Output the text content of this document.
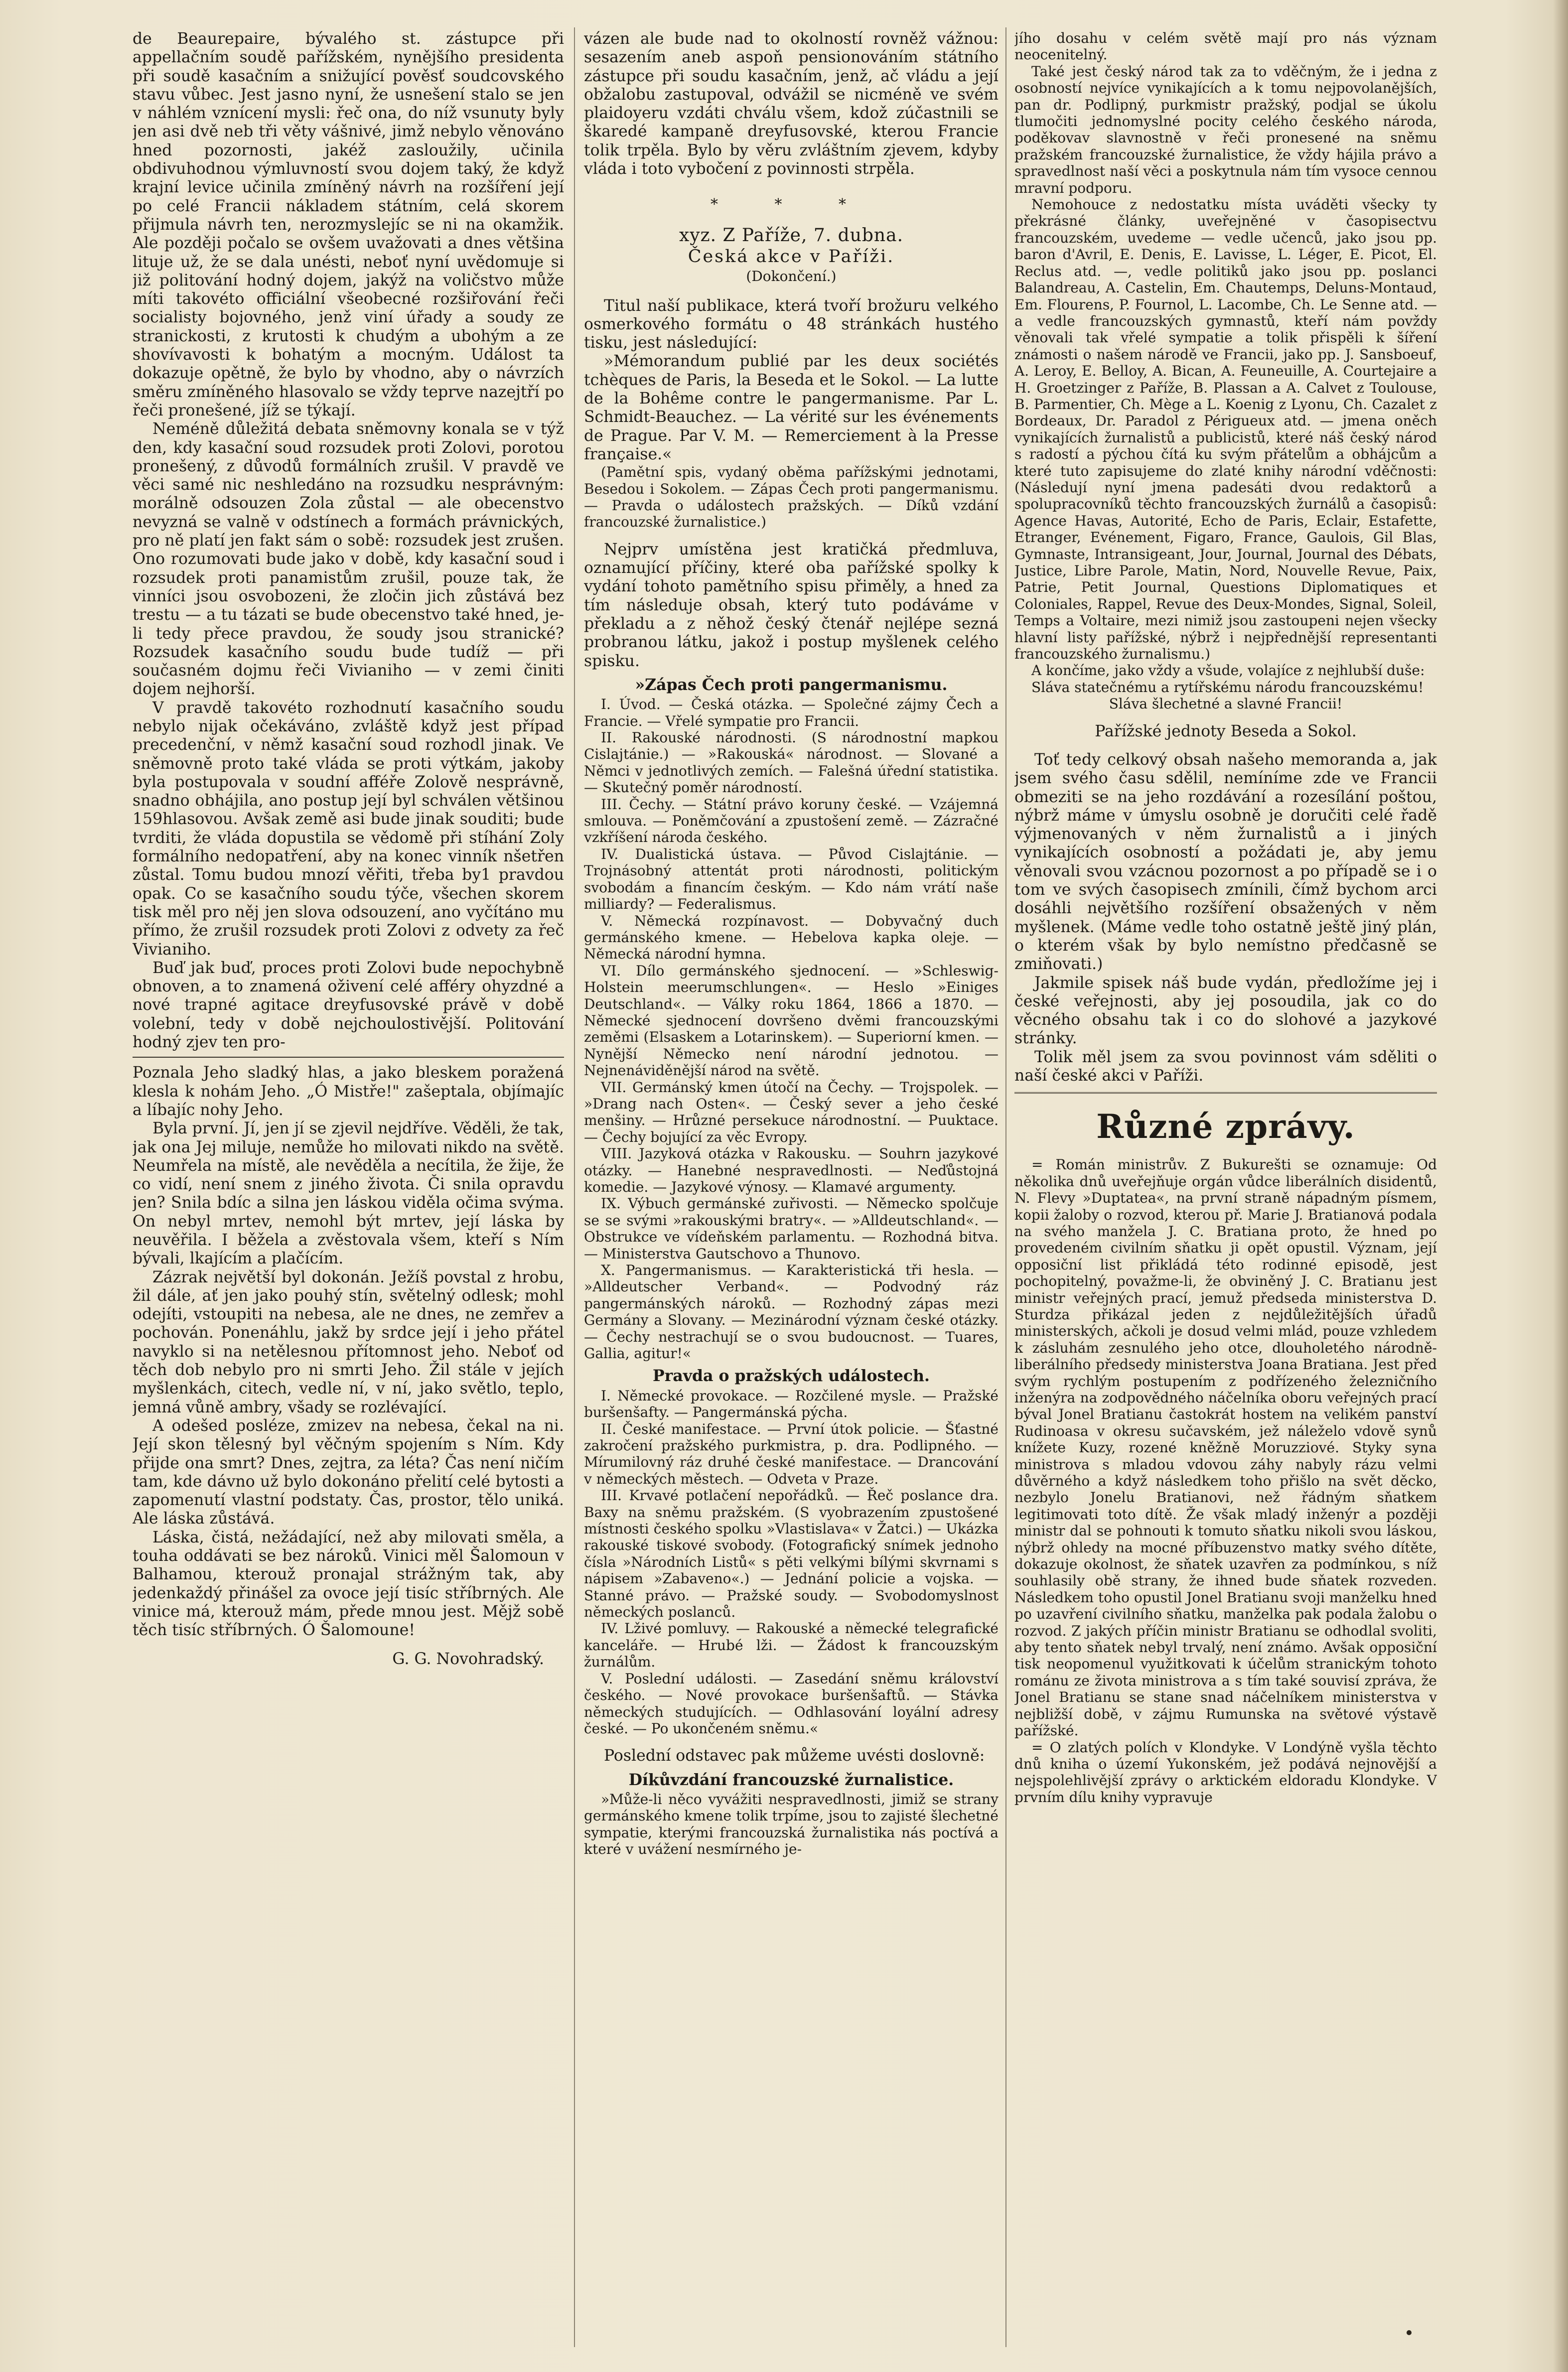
de Beaurepaire, bývalého st. zástupce při appellačním soudě pařížském, nynějšího presidenta při soudě kasačním a snižující pověsť soudcovského stavu vůbec. Jest jasno nyní, že usnešení stalo se jen v náhlém vznícení mysli: řeč ona, do níž vsunuty byly jen asi dvě neb tři věty vášnivé, jimž nebylo věnováno hned pozornosti, jakéž zasloužily, učinila obdivuhodnou výmluvností svou dojem taký, že když krajní levice učinila zmíněný návrh na rozšíření její po celé Francii nákladem státním, celá skorem přijmula návrh ten, nerozmyslejíc se ni na okamžik. Ale později počalo se ovšem uvažovati a dnes většina lituje už, že se dala unésti, neboť nyní uvědomuje si již politování hodný dojem, jakýž na voličstvo může míti takovéto officiální všeobecné rozšiřování řeči socialisty bojovného, jenž viní úřady a soudy ze stranickosti, z krutosti k chudým a ubohým a ze shovívavosti k bohatým a mocným. Událost ta dokazuje opětně, že bylo by vhodno, aby o návrzích směru zmíněného hlasovalo se vždy teprve nazejtří po řeči pronešené, jíž se týkají.

Neméně důležitá debata sněmovny konala se v týž den, kdy kasační soud rozsudek proti Zolovi, porotou pronešený, z důvodů formálních zrušil. V pravdě ve věci samé nic neshledáno na rozsudku nesprávným: morálně odsouzen Zola zůstal — ale obecenstvo nevyzná se valně v odstínech a formách právnických, pro ně platí jen fakt sám o sobě: rozsudek jest zrušen. Ono rozumovati bude jako v době, kdy kasační soud i rozsudek proti panamistům zrušil, pouze tak, že vinníci jsou osvobozeni, že zločin jich zůstává bez trestu — a tu tázati se bude obecenstvo také hned, je-li tedy přece pravdou, že soudy jsou stranické? Rozsudek kasačního soudu bude tudíž — při současném dojmu řeči Vivianiho — v zemi činiti dojem nejhorší.

V pravdě takovéto rozhodnutí kasačního soudu nebylo nijak očekáváno, zvláště když jest případ precedenční, v němž kasační soud rozhodl jinak. Ve sněmovně proto také vláda se proti výtkám, jakoby byla postupovala v soudní afféře Zolově nesprávně, snadno obhájila, ano postup její byl schválen většinou 159hlasovou. Avšak země asi bude jinak souditi; bude tvrditi, že vláda dopustila se vědomě při stíhání Zoly formálního nedopatření, aby na konec vinník nšetřen zůstal. Tomu budou mnozí věřiti, třeba by1 pravdou opak. Co se kasačního soudu týče, všechen skorem tisk měl pro něj jen slova odsouzení, ano vyčítáno mu přímo, že zrušil rozsudek proti Zolovi z odvety za řeč Vivianiho.

Buď jak buď, proces proti Zolovi bude nepochybně obnoven, a to znamená oživení celé afféry ohyzdné a nové trapné agitace dreyfusovské právě v době volební, tedy v době nejchoulostivější. Politování hodný zjev ten pro-

Poznala Jeho sladký hlas, a jako bleskem poražená klesla k nohám Jeho. „Ó Mistře!" zašeptala, objímajíc a líbajíc nohy Jeho.

Byla první. Jí, jen jí se zjevil nejdříve. Věděli, že tak, jak ona Jej miluje, nemůže ho milovati nikdo na světě. Neumřela na místě, ale nevěděla a necítila, že žije, že co vidí, není snem z jiného života. Či snila opravdu jen? Snila bdíc a silna jen láskou viděla očima svýma. On nebyl mrtev, nemohl být mrtev, její láska by neuvěřila. I běžela a zvěstovala všem, kteří s Ním bývali, lkajícím a plačícím.

Zázrak největší byl dokonán. Ježíš povstal z hrobu, žil dále, ať jen jako pouhý stín, světelný odlesk; mohl odejíti, vstoupiti na nebesa, ale ne dnes, ne zemřev a pochován. Ponenáhlu, jakž by srdce její i jeho přátel navyklo si na netělesnou přítomnost jeho. Neboť od těch dob nebylo pro ni smrti Jeho. Žil stále v jejích myšlenkách, citech, vedle ní, v ní, jako světlo, teplo, jemná vůně ambry, všady se rozlévající.

A odešed posléze, zmizev na nebesa, čekal na ni. Její skon tělesný byl věčným spojením s Ním. Kdy přijde ona smrt? Dnes, zejtra, za léta? Čas není ničím tam, kde dávno už bylo dokonáno přelití celé bytosti a zapomenutí vlastní podstaty. Čas, prostor, tělo uniká. Ale láska zůstává.

Láska, čistá, nežádající, než aby milovati směla, a touha oddávati se bez nároků. Vinici měl Šalomoun v Balhamou, kterouž pronajal strážným tak, aby jedenkaždý přinášel za ovoce její tisíc stříbrných. Ale vinice má, kterouž mám, přede mnou jest. Mějž sobě těch tisíc stříbrných. Ó Šalomoune!

G. G. Novohradský.

vázen ale bude nad to okolností rovněž vážnou: sesazením aneb aspoň pensionováním státního zástupce při soudu kasačním, jenž, ač vládu a její obžalobu zastupoval, odvážil se nicméně ve svém plaidoyeru vzdáti chválu všem, kdož zúčastnili se škaredé kampaně dreyfusovské, kterou Francie tolik trpěla. Bylo by věru zvláštním zjevem, kdyby vláda i toto vybočení z povinnosti strpěla.

* * *
xyz. Z Paříže, 7. dubna.
Česká akce v Paříži.
(Dokončení.)

Titul naší publikace, která tvoří brožuru velkého osmerkového formátu o 48 stránkách hustého tisku, jest následující:

»Mémorandum publié par les deux sociétés tchèques de Paris, la Beseda et le Sokol. — La lutte de la Bohême contre le pangermanisme. Par L. Schmidt-Beauchez. — La vérité sur les événements de Prague. Par V. M. — Remerciement à la Presse française.«

(Pamětní spis, vydaný oběma pařížskými jednotami, Besedou i Sokolem. — Zápas Čech proti pangermanismu. — Pravda o událostech pražských. — Díků vzdání francouzské žurnalistice.)

Nejprv umístěna jest kratičká předmluva, oznamující příčiny, které oba pařížské spolky k vydání tohoto pamětního spisu přiměly, a hned za tím následuje obsah, který tuto podáváme v překladu a z něhož český čtenář nejlépe sezná probranou látku, jakož i postup myšlenek celého spisku.

»Zápas Čech proti pangermanismu.

I. Úvod. — Česká otázka. — Společné zájmy Čech a Francie. — Vřelé sympatie pro Francii.

II. Rakouské národnosti. (S národnostní mapkou Cislajtánie.) — »Rakouská« národnost. — Slované a Němci v jednotlivých zemích. — Falešná úřední statistika. — Skutečný poměr národností.

III. Čechy. — Státní právo koruny české. — Vzájemná smlouva. — Poněmčování a zpustošení země. — Zázračné vzkříšení národa českého.

IV. Dualistická ústava. — Původ Cislajtánie. — Trojnásobný attentát proti národnosti, politickým svobodám a financím českým. — Kdo nám vrátí naše milliardy? — Federalismus.

V. Německá rozpínavost. — Dobyvačný duch germánského kmene. — Hebelova kapka oleje. — Německá národní hymna.

VI. Dílo germánského sjednocení. — »Schleswig-Holstein meerumschlungen«. — Heslo »Einiges Deutschland«. — Války roku 1864, 1866 a 1870. — Německé sjednocení dovršeno dvěmi francouzskými zeměmi (Elsaskem a Lotarinskem). — Superiorní kmen. — Nynější Německo není národní jednotou. — Nejnenáviděnější národ na světě.

VII. Germánský kmen útočí na Čechy. — Trojspolek. — »Drang nach Osten«. — Český sever a jeho české menšiny. — Hrůzné persekuce národnostní. — Puuktace. — Čechy bojující za věc Evropy.

VIII. Jazyková otázka v Rakousku. — Souhrn jazykové otázky. — Hanebné nespravedlnosti. — Neďůstojná komedie. — Jazykové výnosy. — Klamavé argumenty.

IX. Výbuch germánské zuřivosti. — Německo spolčuje se se svými »rakouskými bratry«. — »Alldeutschland«. — Obstrukce ve vídeňském parlamentu. — Rozhodná bitva. — Ministerstva Gautschovo a Thunovo.

X. Pangermanismus. — Karakteristická tři hesla. — »Alldeutscher Verband«. — Podvodný ráz pangermánských nároků. — Rozhodný zápas mezi Germány a Slovany. — Mezinárodní význam české otázky. — Čechy nestrachují se o svou budoucnost. — Tuares, Gallia, agitur!«

Pravda o pražských událostech.

I. Německé provokace. — Rozčilené mysle. — Pražské buršenšafty. — Pangermánská pýcha.

II. České manifestace. — První útok policie. — Šťastné zakročení pražského purkmistra, p. dra. Podlipného. — Mírumilovný ráz druhé české manifestace. — Drancování v německých městech. — Odveta v Praze.

III. Krvavé potlačení nepořádků. — Řeč poslance dra. Baxy na sněmu pražském. (S vyobrazením zpustošené místnosti českého spolku »Vlastislava« v Žatci.) — Ukázka rakouské tiskové svobody. (Fotografický snímek jednoho čísla »Národních Listů« s pěti velkými bílými skvrnami s nápisem »Zabaveno«.) — Jednání policie a vojska. — Stanné právo. — Pražské soudy. — Svobodomyslnost německých poslanců.

IV. Lživé pomluvy. — Rakouské a německé telegrafické kanceláře. — Hrubé lži. — Žádost k francouzským žurnálům.

V. Poslední události. — Zasedání sněmu království českého. — Nové provokace buršenšaftů. — Stávka německých studujících. — Odhlasování loyální adresy české. — Po ukončeném sněmu.«

Poslední odstavec pak můžeme uvésti doslovně:

Díkůvzdání francouzské žurnalistice.

»Může-li něco vyvážiti nespravedlnosti, jimiž se strany germánského kmene tolik trpíme, jsou to zajisté šlechetné sympatie, kterými francouzská žurnalistika nás poctívá a které v uvážení nesmírného je-

jího dosahu v celém světě mají pro nás význam neocenitelný.

Také jest český národ tak za to vděčným, že i jedna z osobností nejvíce vynikajících a k tomu nejpovolanějších, pan dr. Podlipný, purkmistr pražský, podjal se úkolu tlumočiti jednomyslné pocity celého českého národa, poděkovav slavnostně v řeči pronesené na sněmu pražském francouzské žurnalistice, že vždy hájila právo a spravedlnost naší věci a poskytnula nám tím vysoce cennou mravní podporu.

Nemohouce z nedostatku místa uváděti všecky ty překrásné články, uveřejněné v časopisectvu francouzském, uvedeme — vedle učenců, jako jsou pp. baron d'Avril, E. Denis, E. Lavisse, L. Léger, E. Picot, El. Reclus atd. —, vedle politiků jako jsou pp. poslanci Balandreau, A. Castelin, Em. Chautemps, Deluns-Montaud, Em. Flourens, P. Fournol, L. Lacombe, Ch. Le Senne atd. — a vedle francouzských gymnastů, kteří nám povždy věnovali tak vřelé sympatie a tolik přispěli k šíření známosti o našem národě ve Francii, jako pp. J. Sansboeuf, A. Leroy, E. Belloy, A. Bican, A. Feuneuille, A. Courtejaire a H. Groetzinger z Paříže, B. Plassan a A. Calvet z Toulouse, B. Parmentier, Ch. Mège a L. Koenig z Lyonu, Ch. Cazalet z Bordeaux, Dr. Paradol z Périgueux atd. — jmena oněch vynikajících žurnalistů a publicistů, které náš český národ s radostí a pýchou čítá ku svým přátelům a obhájcům a které tuto zapisujeme do zlaté knihy národní vděčnosti: (Následují nyní jmena padesáti dvou redaktorů a spolupracovníků těchto francouzských žurnálů a časopisů: Agence Havas, Autorité, Echo de Paris, Eclair, Estafette, Etranger, Evénement, Figaro, France, Gaulois, Gil Blas, Gymnaste, Intransigeant, Jour, Journal, Journal des Débats, Justice, Libre Parole, Matin, Nord, Nouvelle Revue, Paix, Patrie, Petit Journal, Questions Diplomatiques et Coloniales, Rappel, Revue des Deux-Mondes, Signal, Soleil, Temps a Voltaire, mezi nimiž jsou zastoupeni nejen všecky hlavní listy pařížské, nýbrž i nejpřednější representanti francouzského žurnalismu.)

A končíme, jako vždy a všude, volajíce z nejhlubší duše:

Sláva statečnému a rytířskému národu francouzskému!

Sláva šlechetné a slavné Francii!

Pařížské jednoty Beseda a Sokol.

Toť tedy celkový obsah našeho memoranda a, jak jsem svého času sdělil, nemíníme zde ve Francii obmeziti se na jeho rozdávání a rozesílání poštou, nýbrž máme v úmyslu osobně je doručiti celé řadě výjmenovaných v něm žurnalistů a i jiných vynikajících osobností a požádati je, aby jemu věnovali svou vzácnou pozornost a po případě se i o tom ve svých časopisech zmínili, čímž bychom arci dosáhli největšího rozšíření obsažených v něm myšlenek. (Máme vedle toho ostatně ještě jiný plán, o kterém však by bylo nemístno předčasně se zmiňovati.)

Jakmile spisek náš bude vydán, předložíme jej i české veřejnosti, aby jej posoudila, jak co do věcného obsahu tak i co do slohové a jazykové stránky.

Tolik měl jsem za svou povinnost vám sděliti o naší české akci v Paříži.

Různé zprávy.

= Román ministrův. Z Bukurešti se oznamuje: Od několika dnů uveřejňuje orgán vůdce liberálních disidentů, N. Flevy »Duptatea«, na první straně nápadným písmem, kopii žaloby o rozvod, kterou př. Marie J. Bratianová podala na svého manžela J. C. Bratiana proto, že hned po provedeném civilním sňatku ji opět opustil. Význam, její opposiční list přikládá této rodinné episodě, jest pochopitelný, považme-li, že obviněný J. C. Bratianu jest ministr veřejných prací, jemuž předseda ministerstva D. Sturdza přikázal jeden z nejdůležitějších úřadů ministerských, ačkoli je dosud velmi mlád, pouze vzhledem k zásluhám zesnulého jeho otce, dlouholetého národně-liberálního předsedy ministerstva Joana Bratiana. Jest před svým rychlým postupením z podřízeného železničního inženýra na zodpovědného náčelníka oboru veřejných prací býval Jonel Bratianu častokrát hostem na velikém panství Rudinoasa v okresu sučavském, jež náleželo vdově synů knížete Kuzy, rozené kněžně Moruzziové. Styky syna ministrova s mladou vdovou záhy nabyly rázu velmi důvěrného a když následkem toho přišlo na svět děcko, nezbylo Jonelu Bratianovi, než řádným sňatkem legitimovati toto dítě. Že však mladý inženýr a později ministr dal se pohnouti k tomuto sňatku nikoli svou láskou, nýbrž ohledy na mocné příbuzenstvo matky svého dítěte, dokazuje okolnost, že sňatek uzavřen za podmínkou, s níž souhlasily obě strany, že ihned bude sňatek rozveden. Následkem toho opustil Jonel Bratianu svoji manželku hned po uzavření civilního sňatku, manželka pak podala žalobu o rozvod. Z jakých příčin ministr Bratianu se odhodlal svoliti, aby tento sňatek nebyl trvalý, není známo. Avšak opposiční tisk neopomenul využitkovati k účelům stranickým tohoto románu ze života ministrova a s tím také souvisí zpráva, že Jonel Bratianu se stane snad náčelníkem ministerstva v nejbližší době, v zájmu Rumunska na světové výstavě pařížské.

= O zlatých polích v Klondyke. V Londýně vyšla těchto dnů kniha o území Yukonském, jež podává nejnovější a nejspolehlivější zprávy o arktickém eldoradu Klondyke. V prvním dílu knihy vypravuje
